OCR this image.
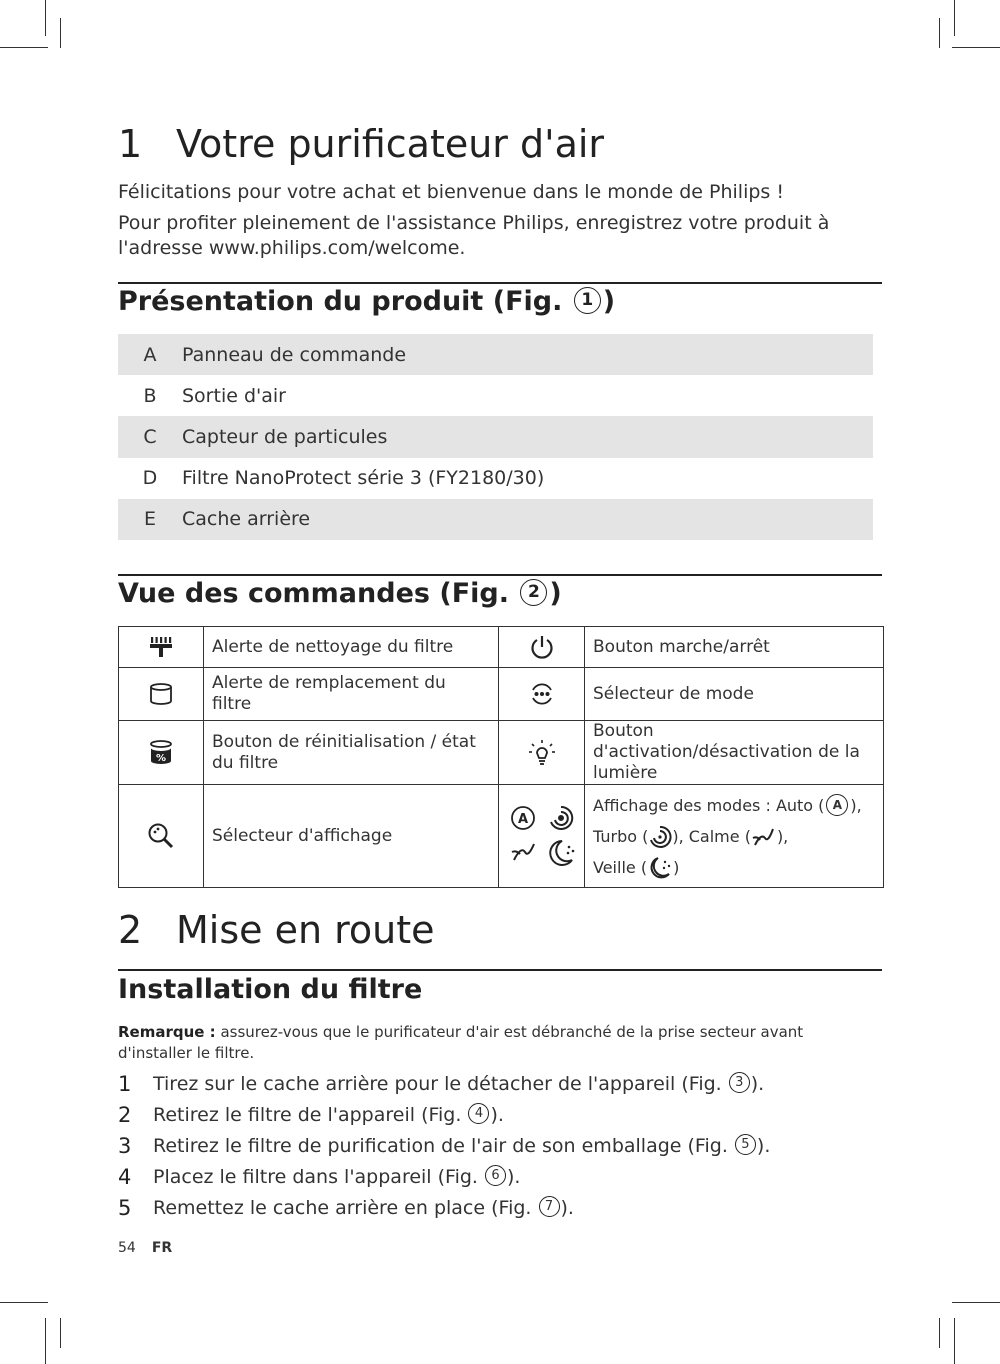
1 Votre purificateur d'air

Félicitations pour votre achat et bienvenue dans le monde de Philips !

Pour profiter pleinement de l'assistance Philips, enregistrez votre produit à l'adresse www.philips.com/welcome.

Présentation du produit (Fig. 1 )
A	Panneau de commande
B	Sortie d'air
C	Capteur de particules
D	Filtre NanoProtect série 3 (FY2180/30)
E	Cache arrière
Vue des commandes (Fig. 2 )
	Alerte de nettoyage du filtre		Bouton marche/arrêt

	Alerte de remplacement du filtre		Sélecteur de mode

%	Bouton de réinitialisation / état du filtre		Bouton d'activation/désactivation de la lumière

	Sélecteur d'affichage	A	Affichage des modes : Auto ( A ),
Turbo ( ), Calme ( ),
Veille ( )
2 Mise en route
Installation du filtre

Remarque : assurez-vous que le purificateur d'air est débranché de la prise secteur avant d'installer le filtre.

1	Tirez sur le cache arrière pour le détacher de l'appareil (Fig. 3 ).
2	Retirez le filtre de l'appareil (Fig. 4 ).
3	Retirez le filtre de purification de l'air de son emballage (Fig. 5 ).
4	Placez le filtre dans l'appareil (Fig. 6 ).
5	Remettez le cache arrière en place (Fig. 7 ).
54 FR
